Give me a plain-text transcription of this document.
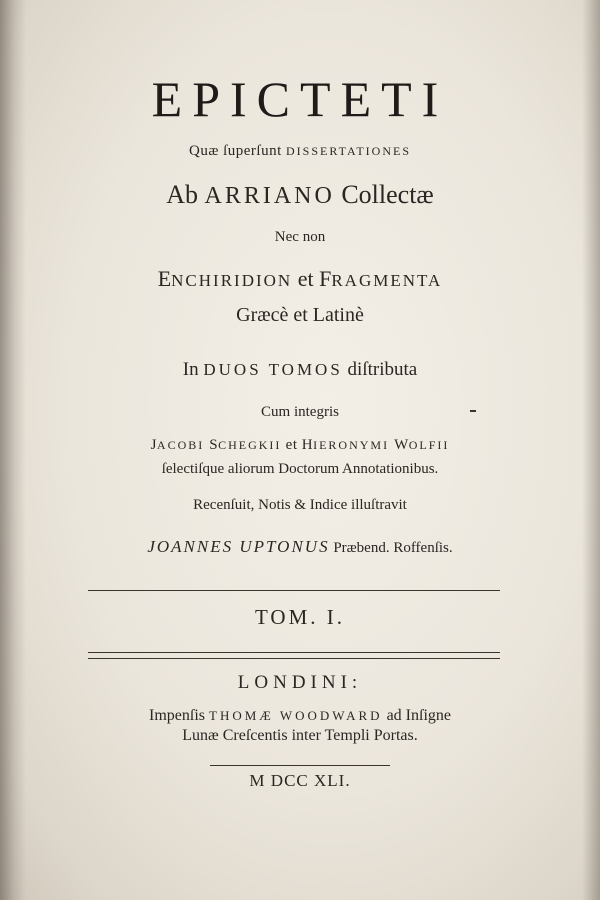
EPICTETI
Quæ ſuperſunt DISSERTATIONES
Ab ARRIANO Collectæ
Nec non
ENCHIRIDION et FRAGMENTA
Græcè et Latinè
In DUOS TOMOS diſtributa
Cum integris
JACOBI SCHEGKII et HIERONYMI WOLFII
ſelectiſque aliorum Doctorum Annotationibus.
Recenſuit, Notis & Indice illuſtravit
JOANNES UPTONUS Præbend. Roffenſis.
TOM. I.
LONDINI:
Impenſis THOMÆ WOODWARD ad Inſigne
Lunæ Creſcentis inter Templi Portas.
M DCC XLI.
